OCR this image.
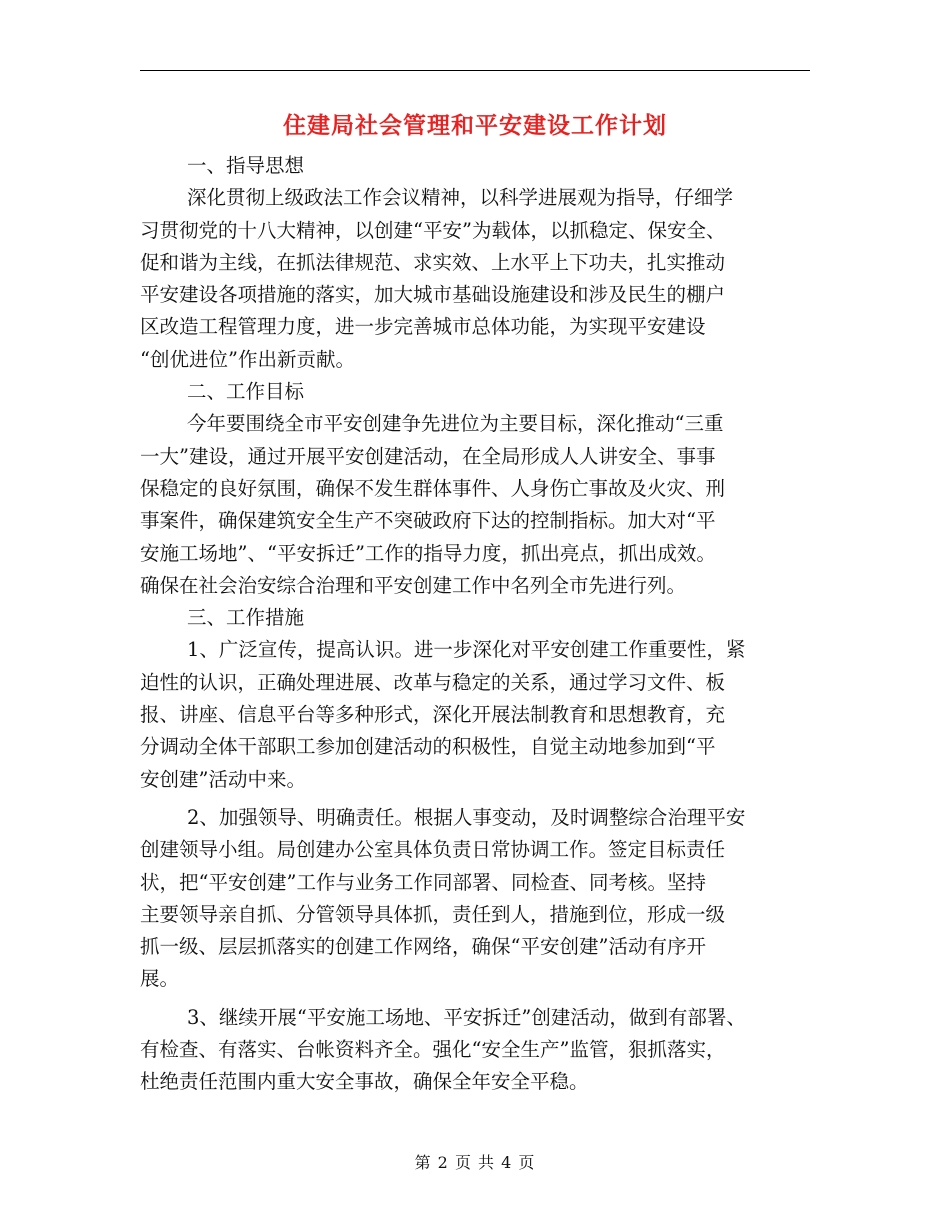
住建局社会管理和平安建设工作计划
一、指导思想
深化贯彻上级政法工作会议精神，以科学进展观为指导，仔细学
习贯彻党的十八大精神，以创建“平安”为载体，以抓稳定、保安全、
促和谐为主线，在抓法律规范、求实效、上水平上下功夫，扎实推动
平安建设各项措施的落实，加大城市基础设施建设和涉及民生的棚户
区改造工程管理力度，进一步完善城市总体功能，为实现平安建设
“创优进位”作出新贡献。
二、工作目标
今年要围绕全市平安创建争先进位为主要目标，深化推动“三重
一大”建设，通过开展平安创建活动，在全局形成人人讲安全、事事
保稳定的良好氛围，确保不发生群体事件、人身伤亡事故及火灾、刑
事案件，确保建筑安全生产不突破政府下达的控制指标。加大对“平
安施工场地”、“平安拆迁”工作的指导力度，抓出亮点，抓出成效。
确保在社会治安综合治理和平安创建工作中名列全市先进行列。
三、工作措施
1、广泛宣传，提高认识。进一步深化对平安创建工作重要性，紧
迫性的认识，正确处理进展、改革与稳定的关系，通过学习文件、板
报、讲座、信息平台等多种形式，深化开展法制教育和思想教育，充
分调动全体干部职工参加创建活动的积极性，自觉主动地参加到“平
安创建”活动中来。
2、加强领导、明确责任。根据人事变动，及时调整综合治理平安
创建领导小组。局创建办公室具体负责日常协调工作。签定目标责任
状，把“平安创建”工作与业务工作同部署、同检查、同考核。坚持
主要领导亲自抓、分管领导具体抓，责任到人，措施到位，形成一级
抓一级、层层抓落实的创建工作网络，确保“平安创建”活动有序开
展。
3、继续开展“平安施工场地、平安拆迁”创建活动，做到有部署、
有检查、有落实、台帐资料齐全。强化“安全生产”监管，狠抓落实，
杜绝责任范围内重大安全事故，确保全年安全平稳。
第 2 页 共 4 页
